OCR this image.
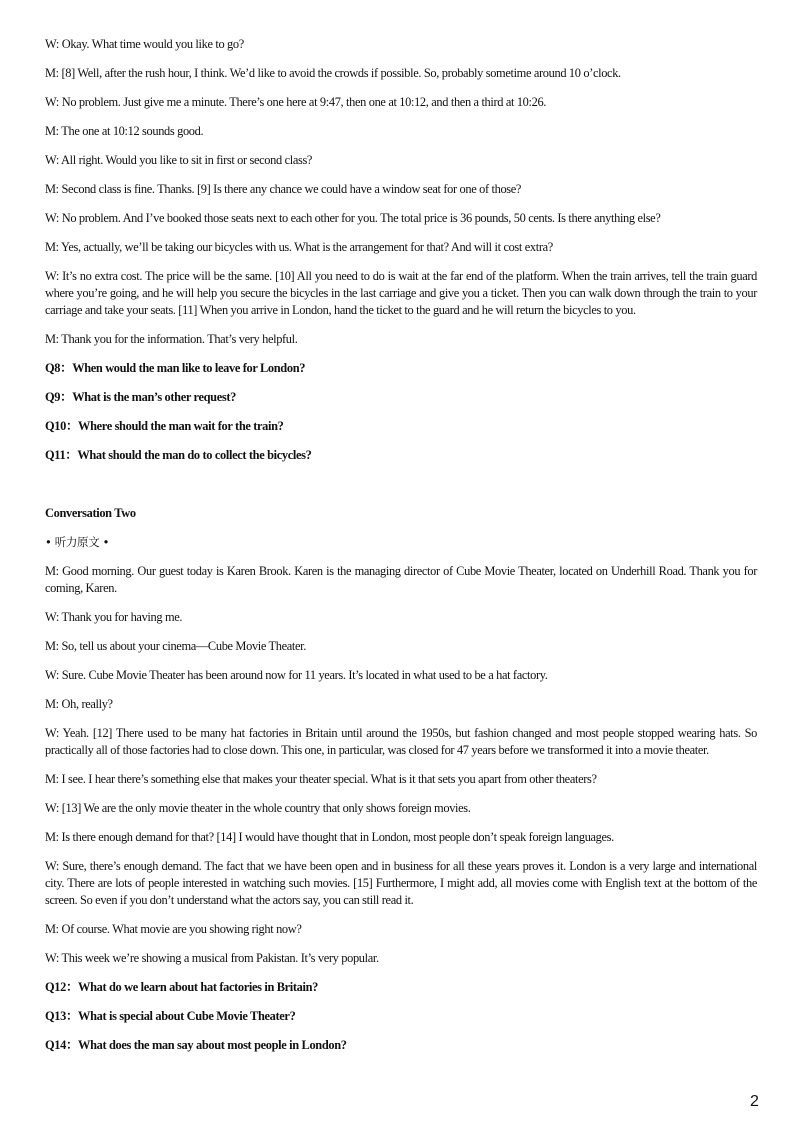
W: Okay. What time would you like to go?

M: [8] Well, after the rush hour, I think. We’d like to avoid the crowds if possible. So, probably sometime around 10 o’clock.

W: No problem. Just give me a minute. There’s one here at 9:47, then one at 10:12, and then a third at 10:26.

M: The one at 10:12 sounds good.

W: All right. Would you like to sit in first or second class?

M: Second class is fine. Thanks. [9] Is there any chance we could have a window seat for one of those?

W: No problem. And I’ve booked those seats next to each other for you. The total price is 36 pounds, 50 cents. Is there anything else?

M: Yes, actually, we’ll be taking our bicycles with us. What is the arrangement for that? And will it cost extra?

W: It’s no extra cost. The price will be the same. [10] All you need to do is wait at the far end of the platform. When the train arrives, tell the train guard where you’re going, and he will help you secure the bicycles in the last carriage and give you a ticket. Then you can walk down through the train to your carriage and take your seats. [11] When you arrive in London, hand the ticket to the guard and he will return the bicycles to you.

M: Thank you for the information. That’s very helpful.

Q8：When would the man like to leave for London?

Q9：What is the man’s other request?

Q10：Where should the man wait for the train?

Q11：What should the man do to collect the bicycles?

Conversation Two

• 听力原文 •

M: Good morning. Our guest today is Karen Brook. Karen is the managing director of Cube Movie Theater, located on Underhill Road. Thank you for coming, Karen.

W: Thank you for having me.

M: So, tell us about your cinema—Cube Movie Theater.

W: Sure. Cube Movie Theater has been around now for 11 years. It’s located in what used to be a hat factory.

M: Oh, really?

W: Yeah. [12] There used to be many hat factories in Britain until around the 1950s, but fashion changed and most people stopped wearing hats. So practically all of those factories had to close down. This one, in particular, was closed for 47 years before we transformed it into a movie theater.

M: I see. I hear there’s something else that makes your theater special. What is it that sets you apart from other theaters?

W: [13] We are the only movie theater in the whole country that only shows foreign movies.

M: Is there enough demand for that? [14] I would have thought that in London, most people don’t speak foreign languages.

W: Sure, there’s enough demand. The fact that we have been open and in business for all these years proves it. London is a very large and international city. There are lots of people interested in watching such movies. [15] Furthermore, I might add, all movies come with English text at the bottom of the screen. So even if you don’t understand what the actors say, you can still read it.

M: Of course. What movie are you showing right now?

W: This week we’re showing a musical from Pakistan. It’s very popular.

Q12：What do we learn about hat factories in Britain?

Q13：What is special about Cube Movie Theater?

Q14：What does the man say about most people in London?

2
